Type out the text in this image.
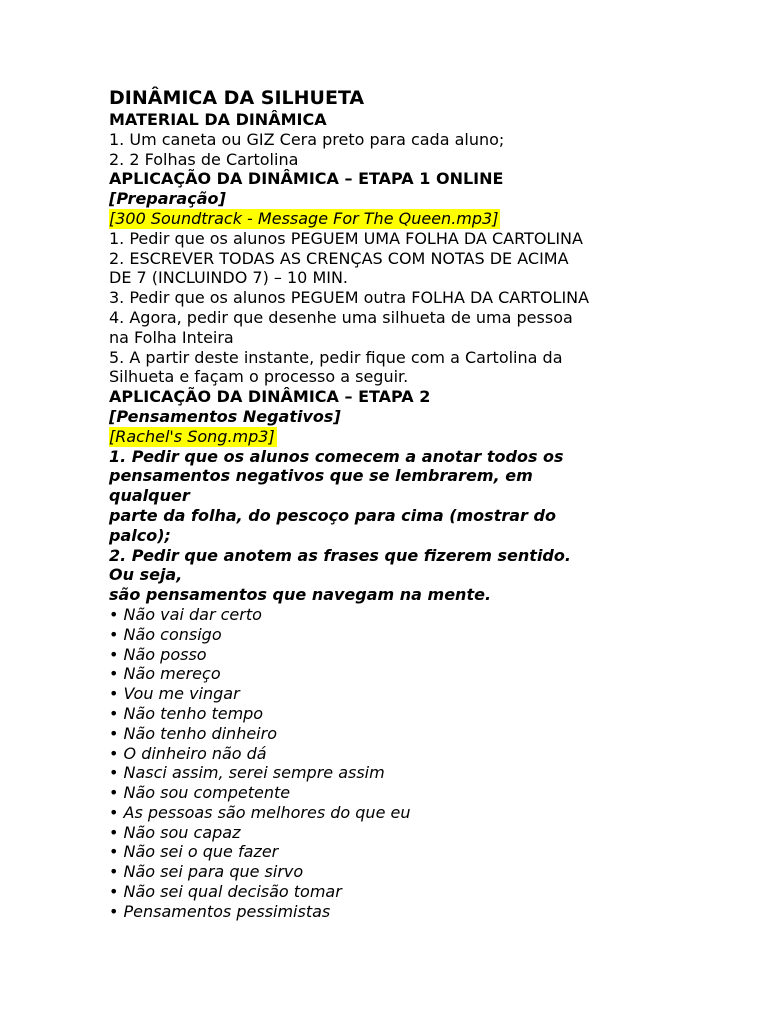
DINÂMICA DA SILHUETA
MATERIAL DA DINÂMICA
1. Um caneta ou GIZ Cera preto para cada aluno;
2. 2 Folhas de Cartolina
APLICAÇÃO DA DINÂMICA – ETAPA 1 ONLINE
[Preparação]
[300 Soundtrack - Message For The Queen.mp3]
1. Pedir que os alunos PEGUEM UMA FOLHA DA CARTOLINA
2. ESCREVER TODAS AS CRENÇAS COM NOTAS DE ACIMA
DE 7 (INCLUINDO 7) – 10 MIN.
3. Pedir que os alunos PEGUEM outra FOLHA DA CARTOLINA
4. Agora, pedir que desenhe uma silhueta de uma pessoa
na Folha Inteira
5. A partir deste instante, pedir fique com a Cartolina da
Silhueta e façam o processo a seguir.
APLICAÇÃO DA DINÂMICA – ETAPA 2
[Pensamentos Negativos]
[Rachel's Song.mp3]
1. Pedir que os alunos comecem a anotar todos os
pensamentos negativos que se lembrarem, em
qualquer
parte da folha, do pescoço para cima (mostrar do
palco);
2. Pedir que anotem as frases que fizerem sentido.
Ou seja,
são pensamentos que navegam na mente.
• Não vai dar certo
• Não consigo
• Não posso
• Não mereço
• Vou me vingar
• Não tenho tempo
• Não tenho dinheiro
• O dinheiro não dá
• Nasci assim, serei sempre assim
• Não sou competente
• As pessoas são melhores do que eu
• Não sou capaz
• Não sei o que fazer
• Não sei para que sirvo
• Não sei qual decisão tomar
• Pensamentos pessimistas
